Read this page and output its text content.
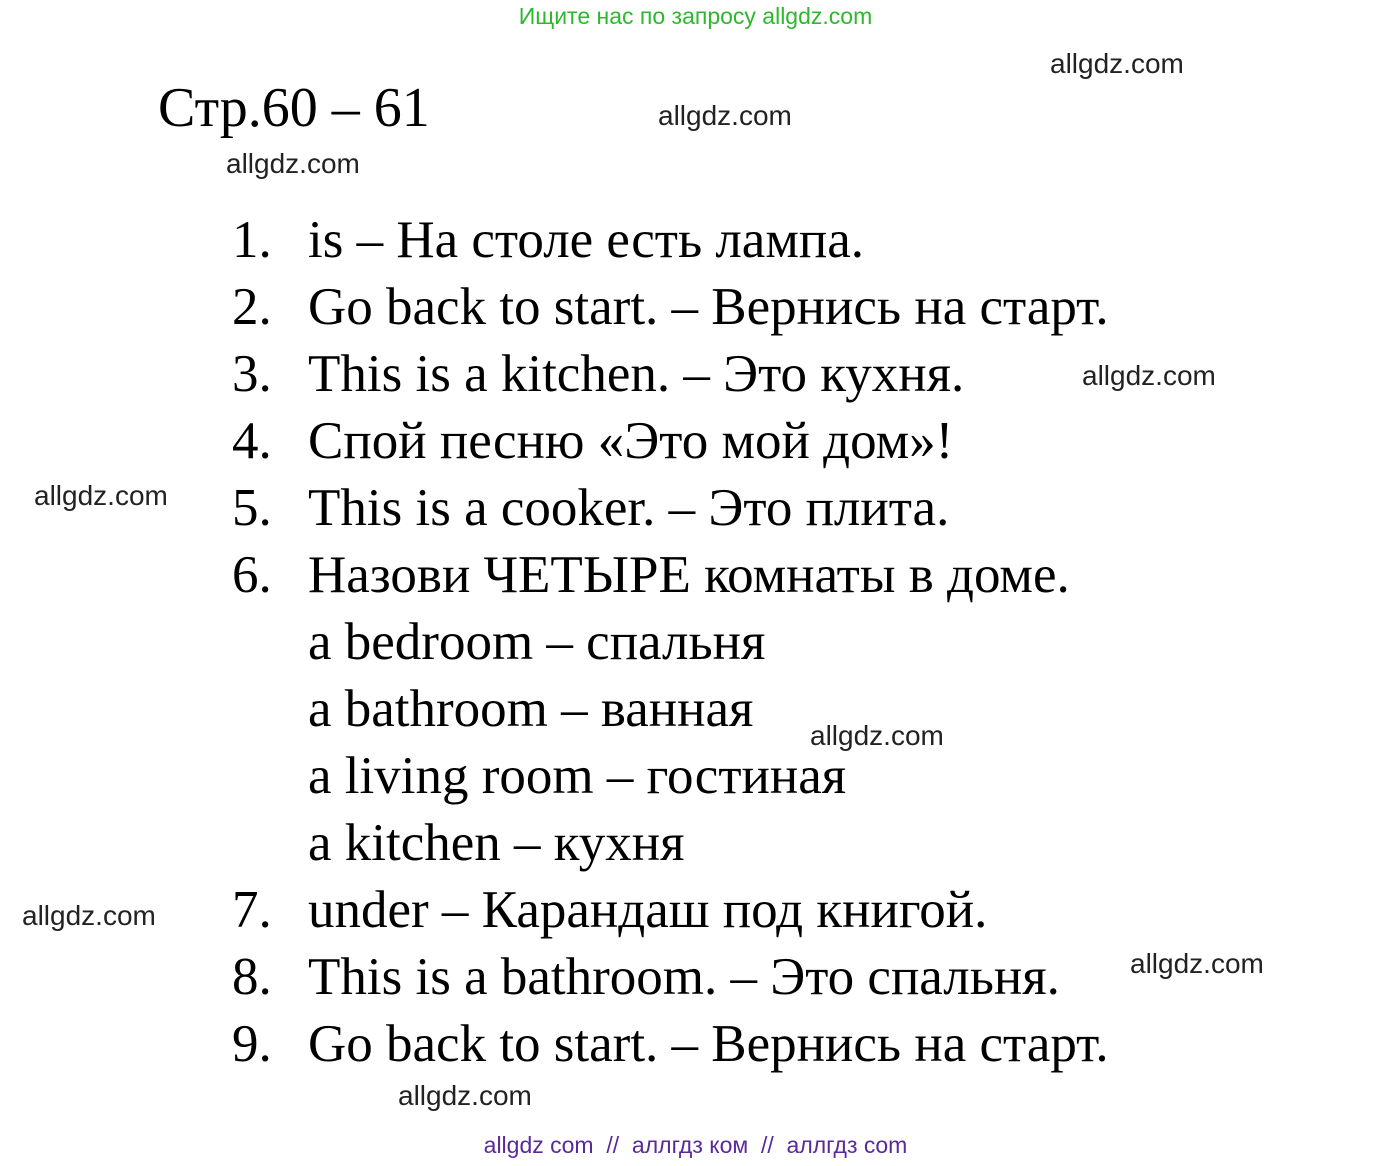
Ищите нас по запросу allgdz.com
Стр.60 – 61
allgdz.com
allgdz.com
allgdz.com
allgdz.com
allgdz.com
allgdz.com
allgdz.com
allgdz.com
allgdz.com
1. is – На столе есть лампа.
2. Go back to start. – Вернись на старт.
3. This is a kitchen. – Это кухня.
4. Спой песню «Это мой дом»!
5. This is a cooker. – Это плита.
6. Назови ЧЕТЫРЕ комнаты в доме.
a bedroom – спальня
a bathroom – ванная
a living room – гостиная
a kitchen – кухня
7. under – Карандаш под книгой.
8. This is a bathroom. – Это спальня.
9. Go back to start. – Вернись на старт.
allgdz com  //  аллгдз ком  //  аллгдз com
